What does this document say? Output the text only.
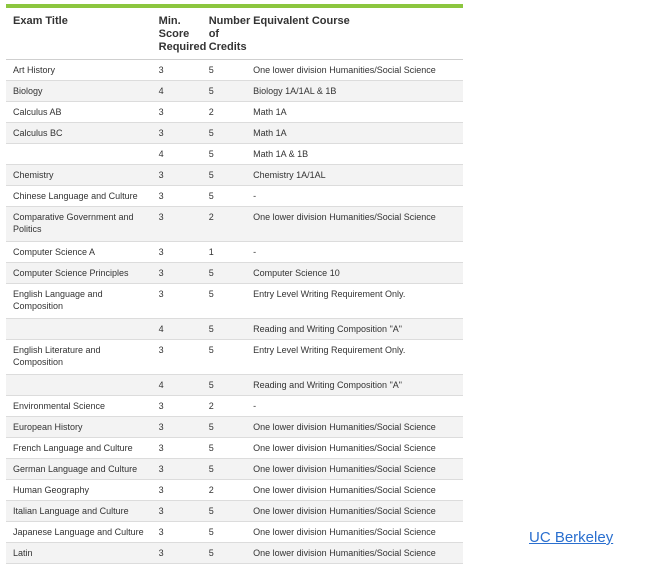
Exam Title	Min. Score Required	Number of Credits	Equivalent Course
Art History	3	5	One lower division Humanities/Social Science
Biology	4	5	Biology 1A/1AL & 1B
Calculus AB	3	2	Math 1A
Calculus BC	3	5	Math 1A
	4	5	Math 1A & 1B
Chemistry	3	5	Chemistry 1A/1AL
Chinese Language and Culture	3	5	-
Comparative Government and Politics	3	2	One lower division Humanities/Social Science
Computer Science A	3	1	-
Computer Science Principles	3	5	Computer Science 10
English Language and Composition	3	5	Entry Level Writing Requirement Only.
	4	5	Reading and Writing Composition "A"
English Literature and Composition	3	5	Entry Level Writing Requirement Only.
	4	5	Reading and Writing Composition "A"
Environmental Science	3	2	-
European History	3	5	One lower division Humanities/Social Science
French Language and Culture	3	5	One lower division Humanities/Social Science
German Language and Culture	3	5	One lower division Humanities/Social Science
Human Geography	3	2	One lower division Humanities/Social Science
Italian Language and Culture	3	5	One lower division Humanities/Social Science
Japanese Language and Culture	3	5	One lower division Humanities/Social Science
Latin	3	5	One lower division Humanities/Social Science
UC Berkeley
